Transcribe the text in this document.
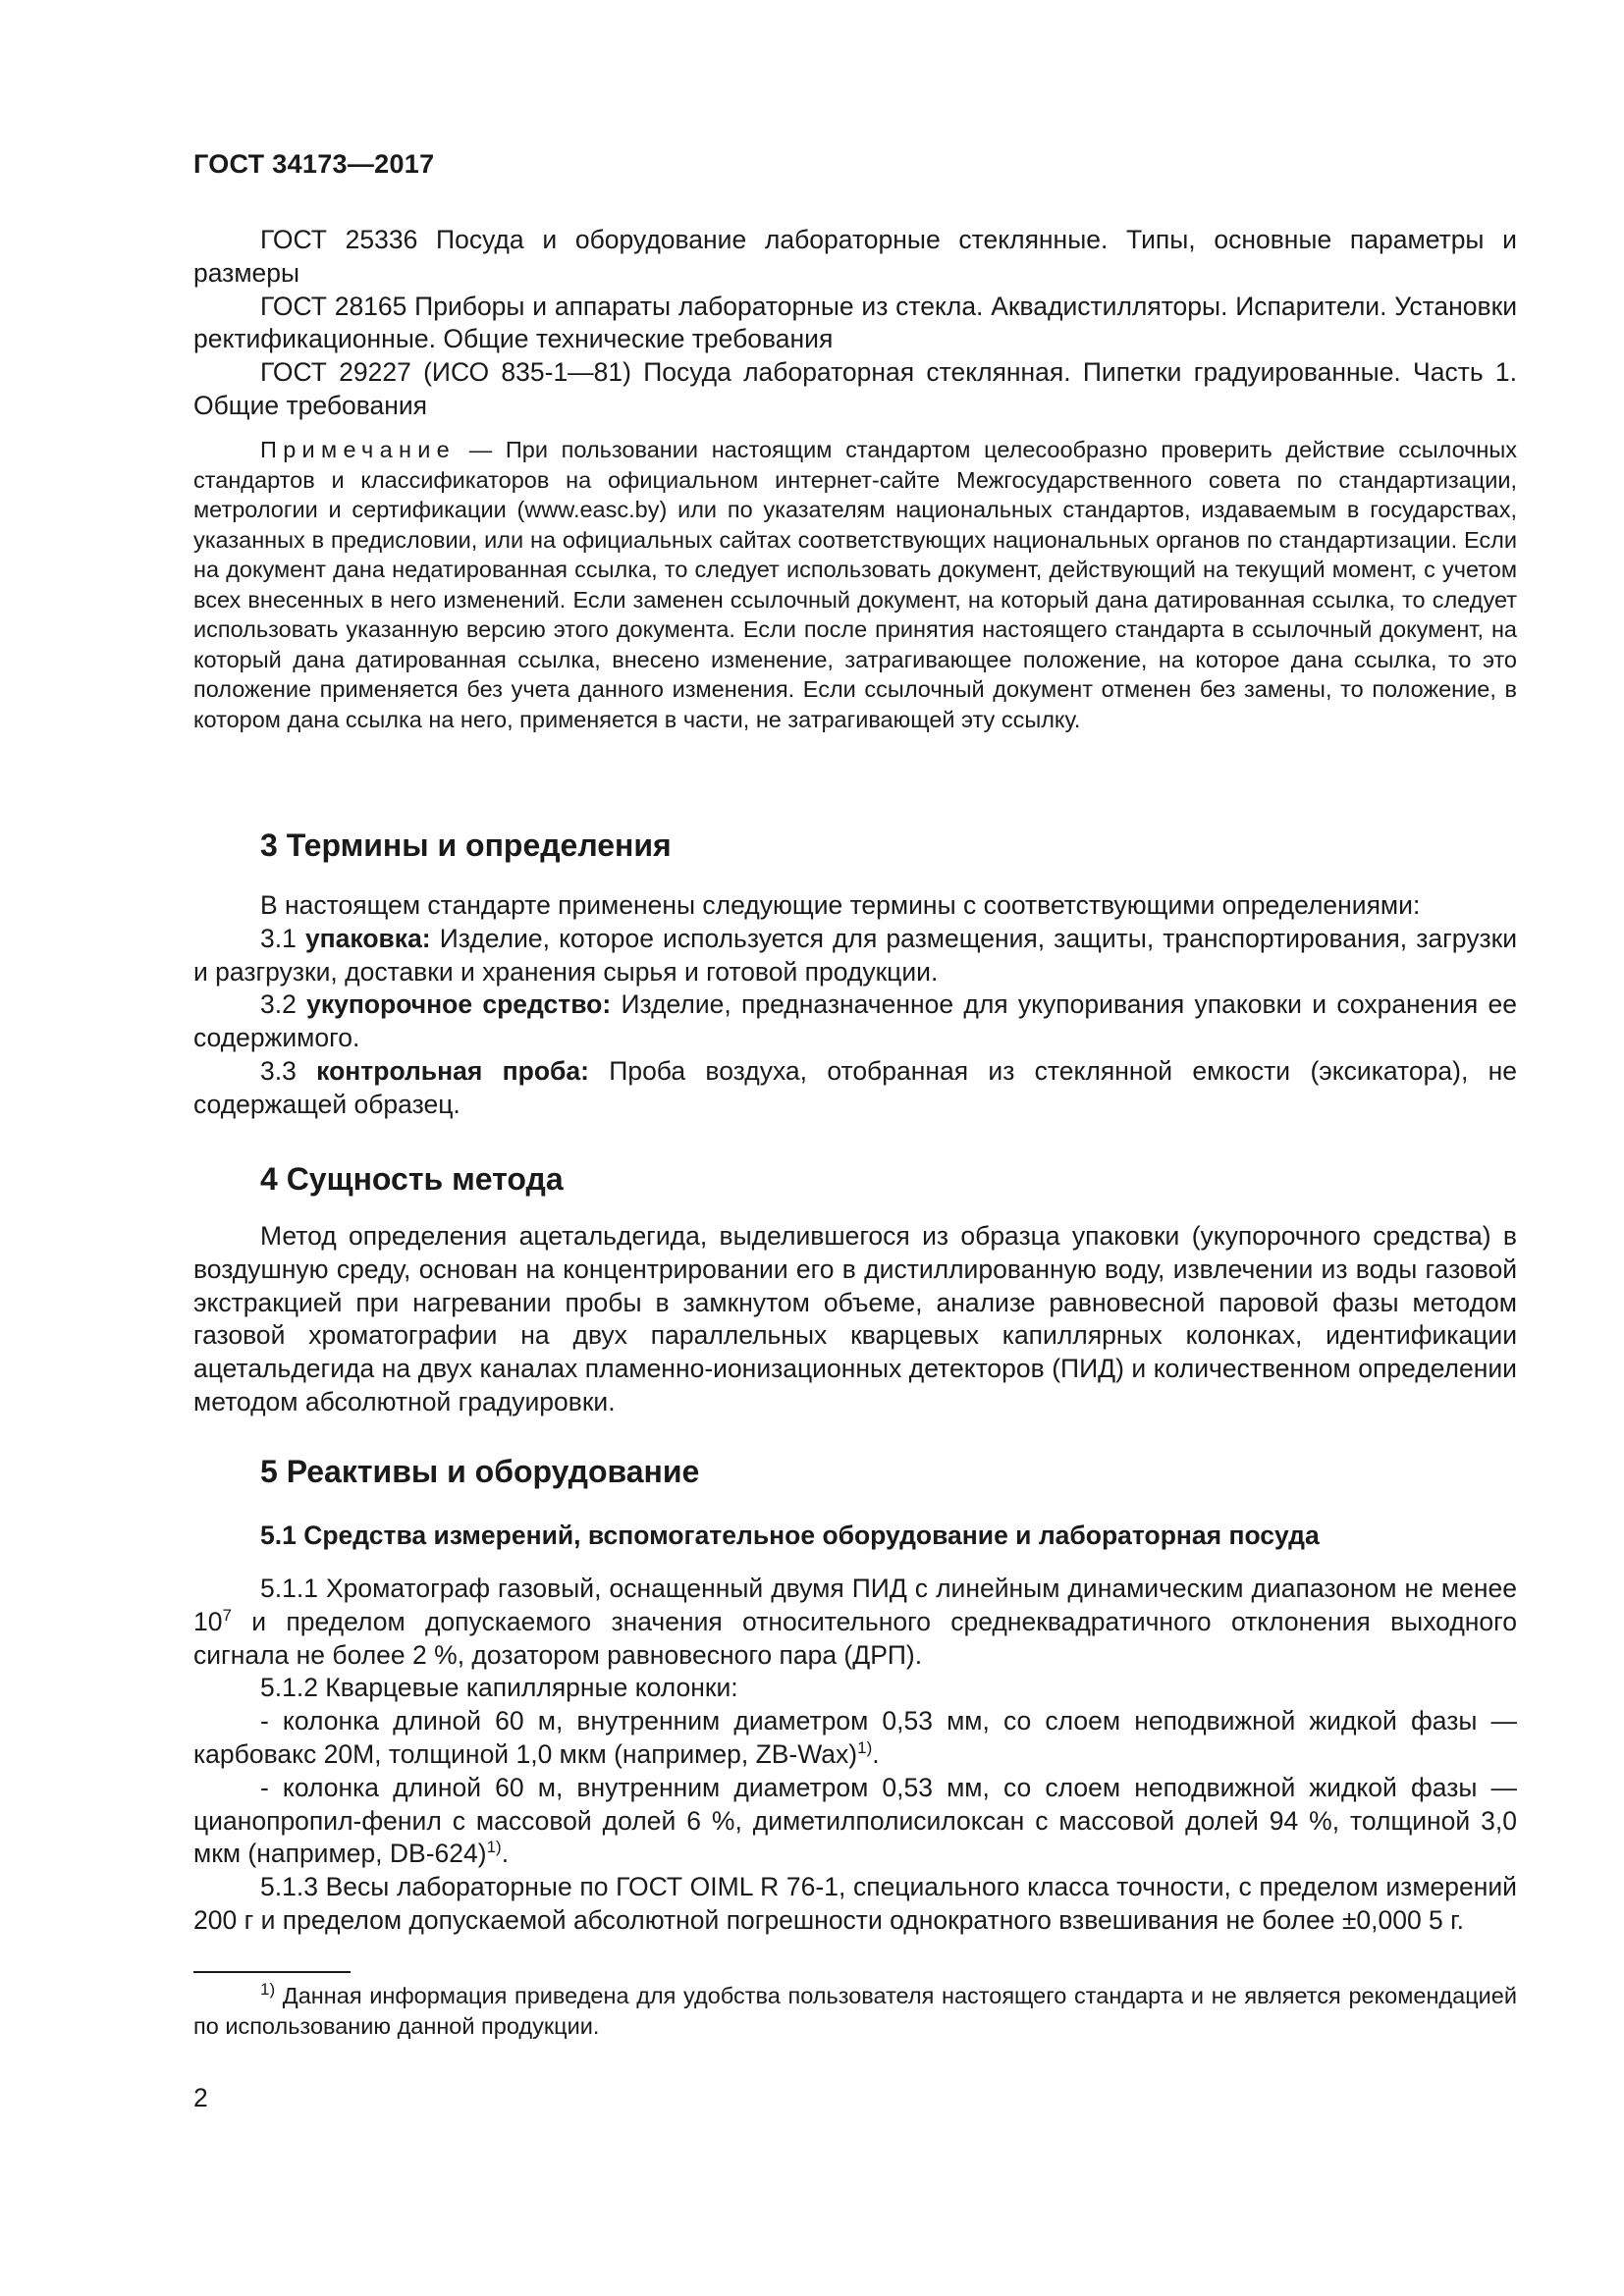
ГОСТ 34173—2017

ГОСТ 25336 Посуда и оборудование лабораторные стеклянные. Типы, основные параметры и размеры

ГОСТ 28165 Приборы и аппараты лабораторные из стекла. Аквадистилляторы. Испарители. Установки ректификационные. Общие технические требования

ГОСТ 29227 (ИСО 835-1—81) Посуда лабораторная стеклянная. Пипетки градуированные. Часть 1. Общие требования

Примечание — При пользовании настоящим стандартом целесообразно проверить действие ссылочных стандартов и классификаторов на официальном интернет-сайте Межгосударственного совета по стандартизации, метрологии и сертификации (www.easc.by) или по указателям национальных стандартов, издаваемым в государствах, указанных в предисловии, или на официальных сайтах соответствующих национальных органов по стандартизации. Если на документ дана недатированная ссылка, то следует использовать документ, действующий на текущий момент, с учетом всех внесенных в него изменений. Если заменен ссылочный документ, на который дана датированная ссылка, то следует использовать указанную версию этого документа. Если после принятия настоящего стандарта в ссылочный документ, на который дана датированная ссылка, внесено изменение, затрагивающее положение, на которое дана ссылка, то это положение применяется без учета данного изменения. Если ссылочный документ отменен без замены, то положение, в котором дана ссылка на него, применяется в части, не затрагивающей эту ссылку.

3 Термины и определения

В настоящем стандарте применены следующие термины с соответствующими определениями:

3.1 упаковка: Изделие, которое используется для размещения, защиты, транспортирования, загрузки и разгрузки, доставки и хранения сырья и готовой продукции.

3.2 укупорочное средство: Изделие, предназначенное для укупоривания упаковки и сохранения ее содержимого.

3.3 контрольная проба: Проба воздуха, отобранная из стеклянной емкости (эксикатора), не содержащей образец.

4 Сущность метода

Метод определения ацетальдегида, выделившегося из образца упаковки (укупорочного средства) в воздушную среду, основан на концентрировании его в дистиллированную воду, извлечении из воды газовой экстракцией при нагревании пробы в замкнутом объеме, анализе равновесной паровой фазы методом газовой хроматографии на двух параллельных кварцевых капиллярных колонках, идентификации ацетальдегида на двух каналах пламенно-ионизационных детекторов (ПИД) и количественном определении методом абсолютной градуировки.

5 Реактивы и оборудование
5.1 Средства измерений, вспомогательное оборудование и лабораторная посуда

5.1.1 Хроматограф газовый, оснащенный двумя ПИД с линейным динамическим диапазоном не менее $10^7$ и пределом допускаемого значения относительного среднеквадратичного отклонения выходного сигнала не более 2 %, дозатором равновесного пара (ДРП).

5.1.2 Кварцевые капиллярные колонки:

- колонка длиной 60 м, внутренним диаметром 0,53 мм, со слоем неподвижной жидкой фазы — карбовакс 20М, толщиной 1,0 мкм (например, ZB-Wax)$^{1)}$.

- колонка длиной 60 м, внутренним диаметром 0,53 мм, со слоем неподвижной жидкой фазы — цианопропил-фенил с массовой долей 6 %, диметилполисилоксан с массовой долей 94 %, толщиной 3,0 мкм (например, DB-624)$^{1)}$.

5.1.3 Весы лабораторные по ГОСТ OIML R 76-1, специального класса точности, с пределом измерений 200 г и пределом допускаемой абсолютной погрешности однократного взвешивания не более ±0,000 5 г.

$^{1)}$ Данная информация приведена для удобства пользователя настоящего стандарта и не является рекомендацией по использованию данной продукции.

2
